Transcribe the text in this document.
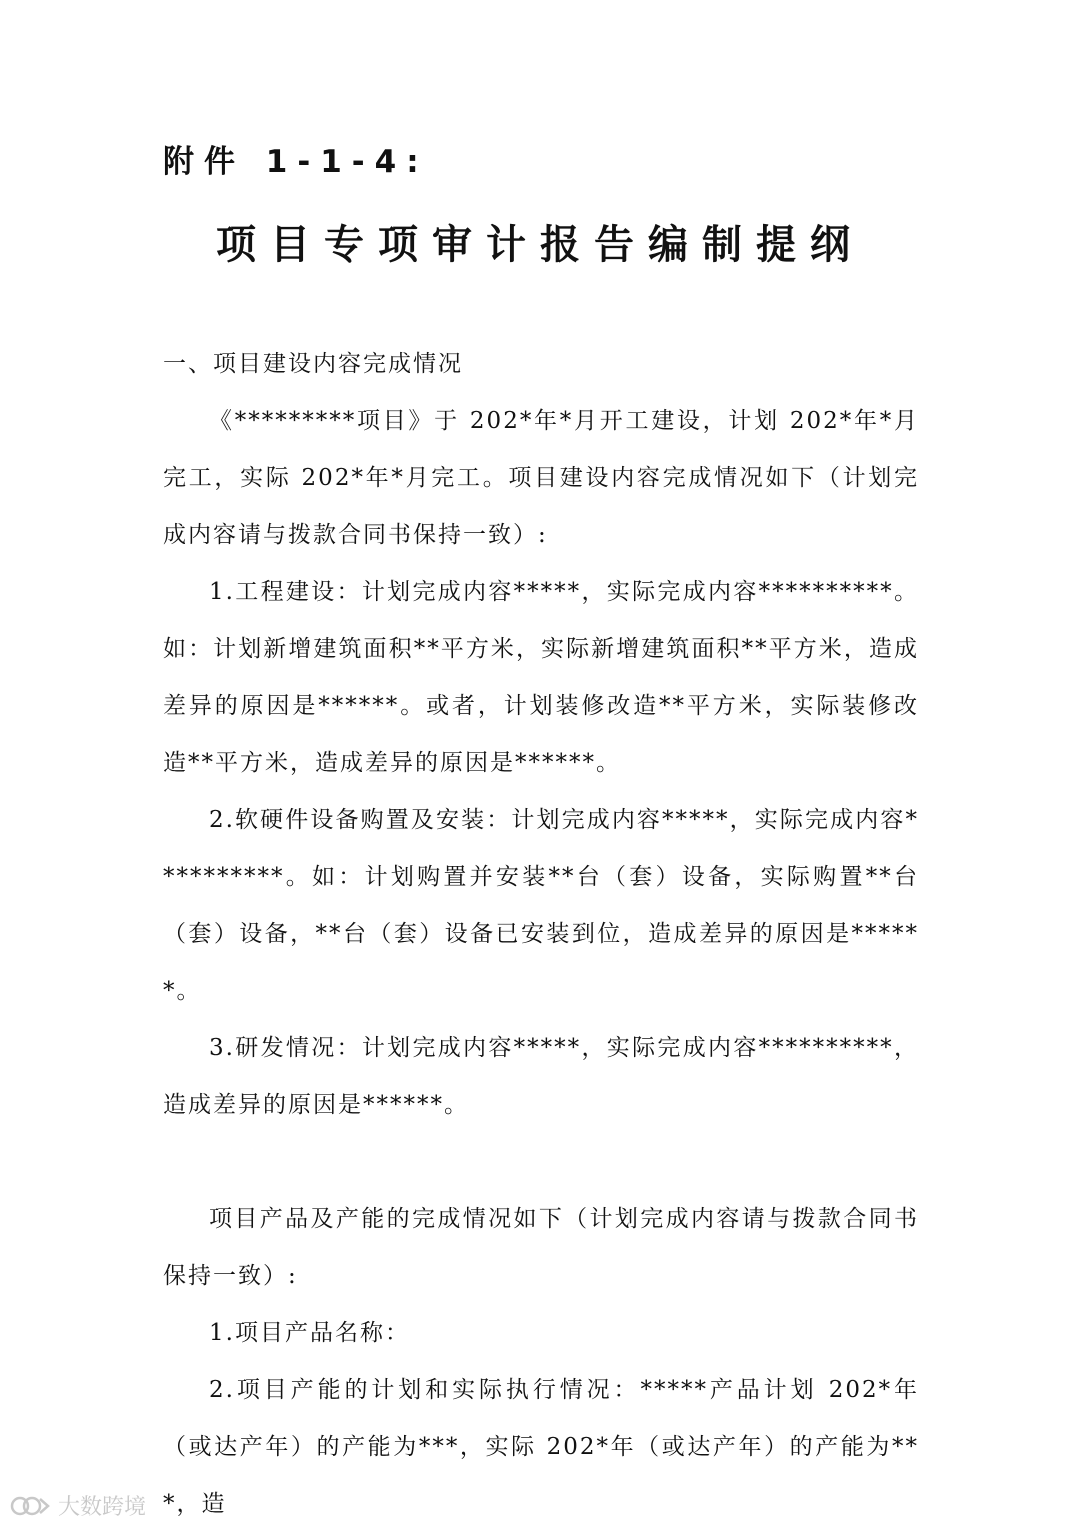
附件 1-1-4:
项目专项审计报告编制提纲

一、项目建设内容完成情况

《*********项目》于 202*年*月开工建设，计划 202*年*月完工，实际 202*年*月完工。项目建设内容完成情况如下（计划完成内容请与拨款合同书保持一致）:

1.工程建设：计划完成内容*****，实际完成内容**********。如：计划新增建筑面积**平方米，实际新增建筑面积**平方米，造成差异的原因是******。或者，计划装修改造**平方米，实际装修改造**平方米，造成差异的原因是******。

2.软硬件设备购置及安装：计划完成内容*****，实际完成内容**********。如：计划购置并安装**台（套）设备，实际购置**台（套）设备，**台（套）设备已安装到位，造成差异的原因是******。

3.研发情况：计划完成内容*****，实际完成内容**********，造成差异的原因是******。

项目产品及产能的完成情况如下（计划完成内容请与拨款合同书保持一致）:

1.项目产品名称：

2.项目产能的计划和实际执行情况：*****产品计划 202*年（或达产年）的产能为***，实际 202*年（或达产年）的产能为***，造

大数跨境
